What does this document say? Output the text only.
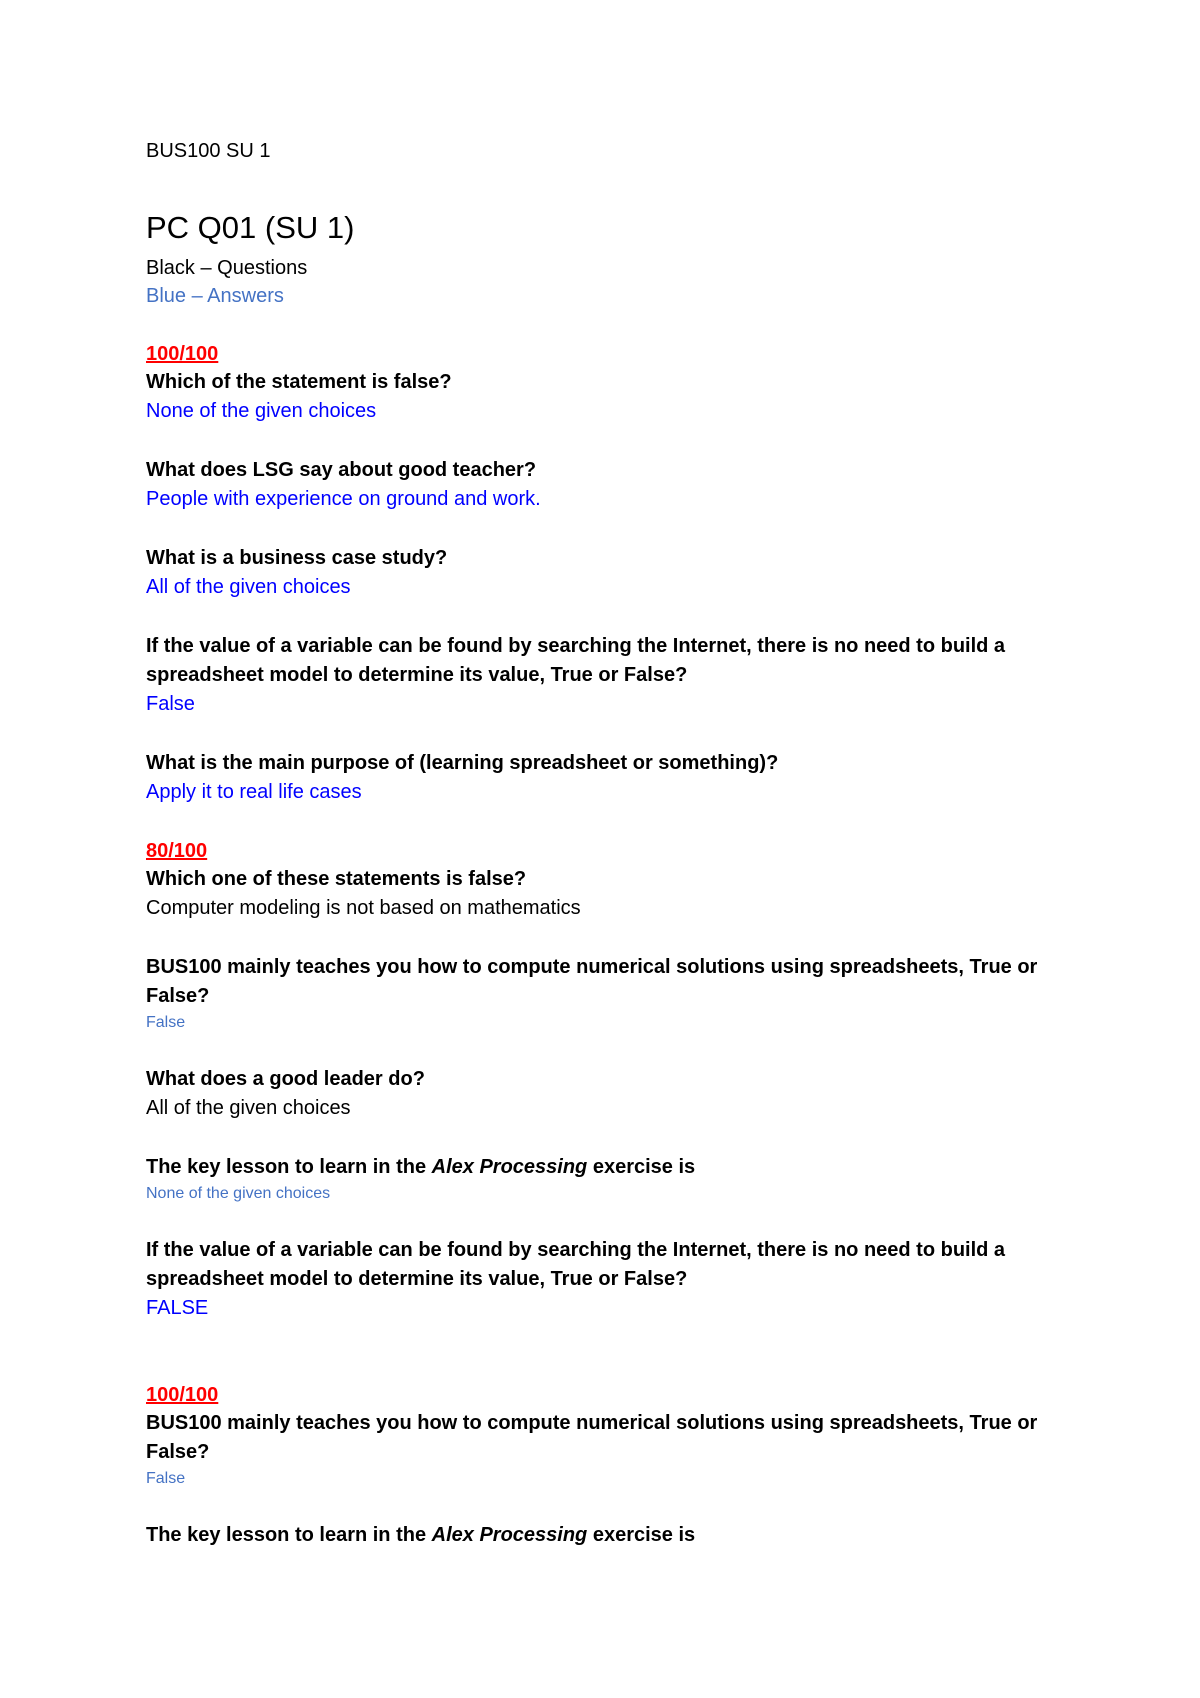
BUS100 SU 1
PC Q01 (SU 1)
Black – Questions
Blue – Answers
100/100
Which of the statement is false?
None of the given choices
What does LSG say about good teacher?
People with experience on ground and work.
What is a business case study?
All of the given choices
If the value of a variable can be found by searching the Internet, there is no need to build a spreadsheet model to determine its value, True or False?
False
What is the main purpose of (learning spreadsheet or something)?
Apply it to real life cases
80/100
Which one of these statements is false?
Computer modeling is not based on mathematics
BUS100 mainly teaches you how to compute numerical solutions using spreadsheets, True or False?
False
What does a good leader do?
All of the given choices
The key lesson to learn in the Alex Processing exercise is
None of the given choices
If the value of a variable can be found by searching the Internet, there is no need to build a spreadsheet model to determine its value, True or False?
FALSE
100/100
BUS100 mainly teaches you how to compute numerical solutions using spreadsheets, True or False?
False
The key lesson to learn in the Alex Processing exercise is
